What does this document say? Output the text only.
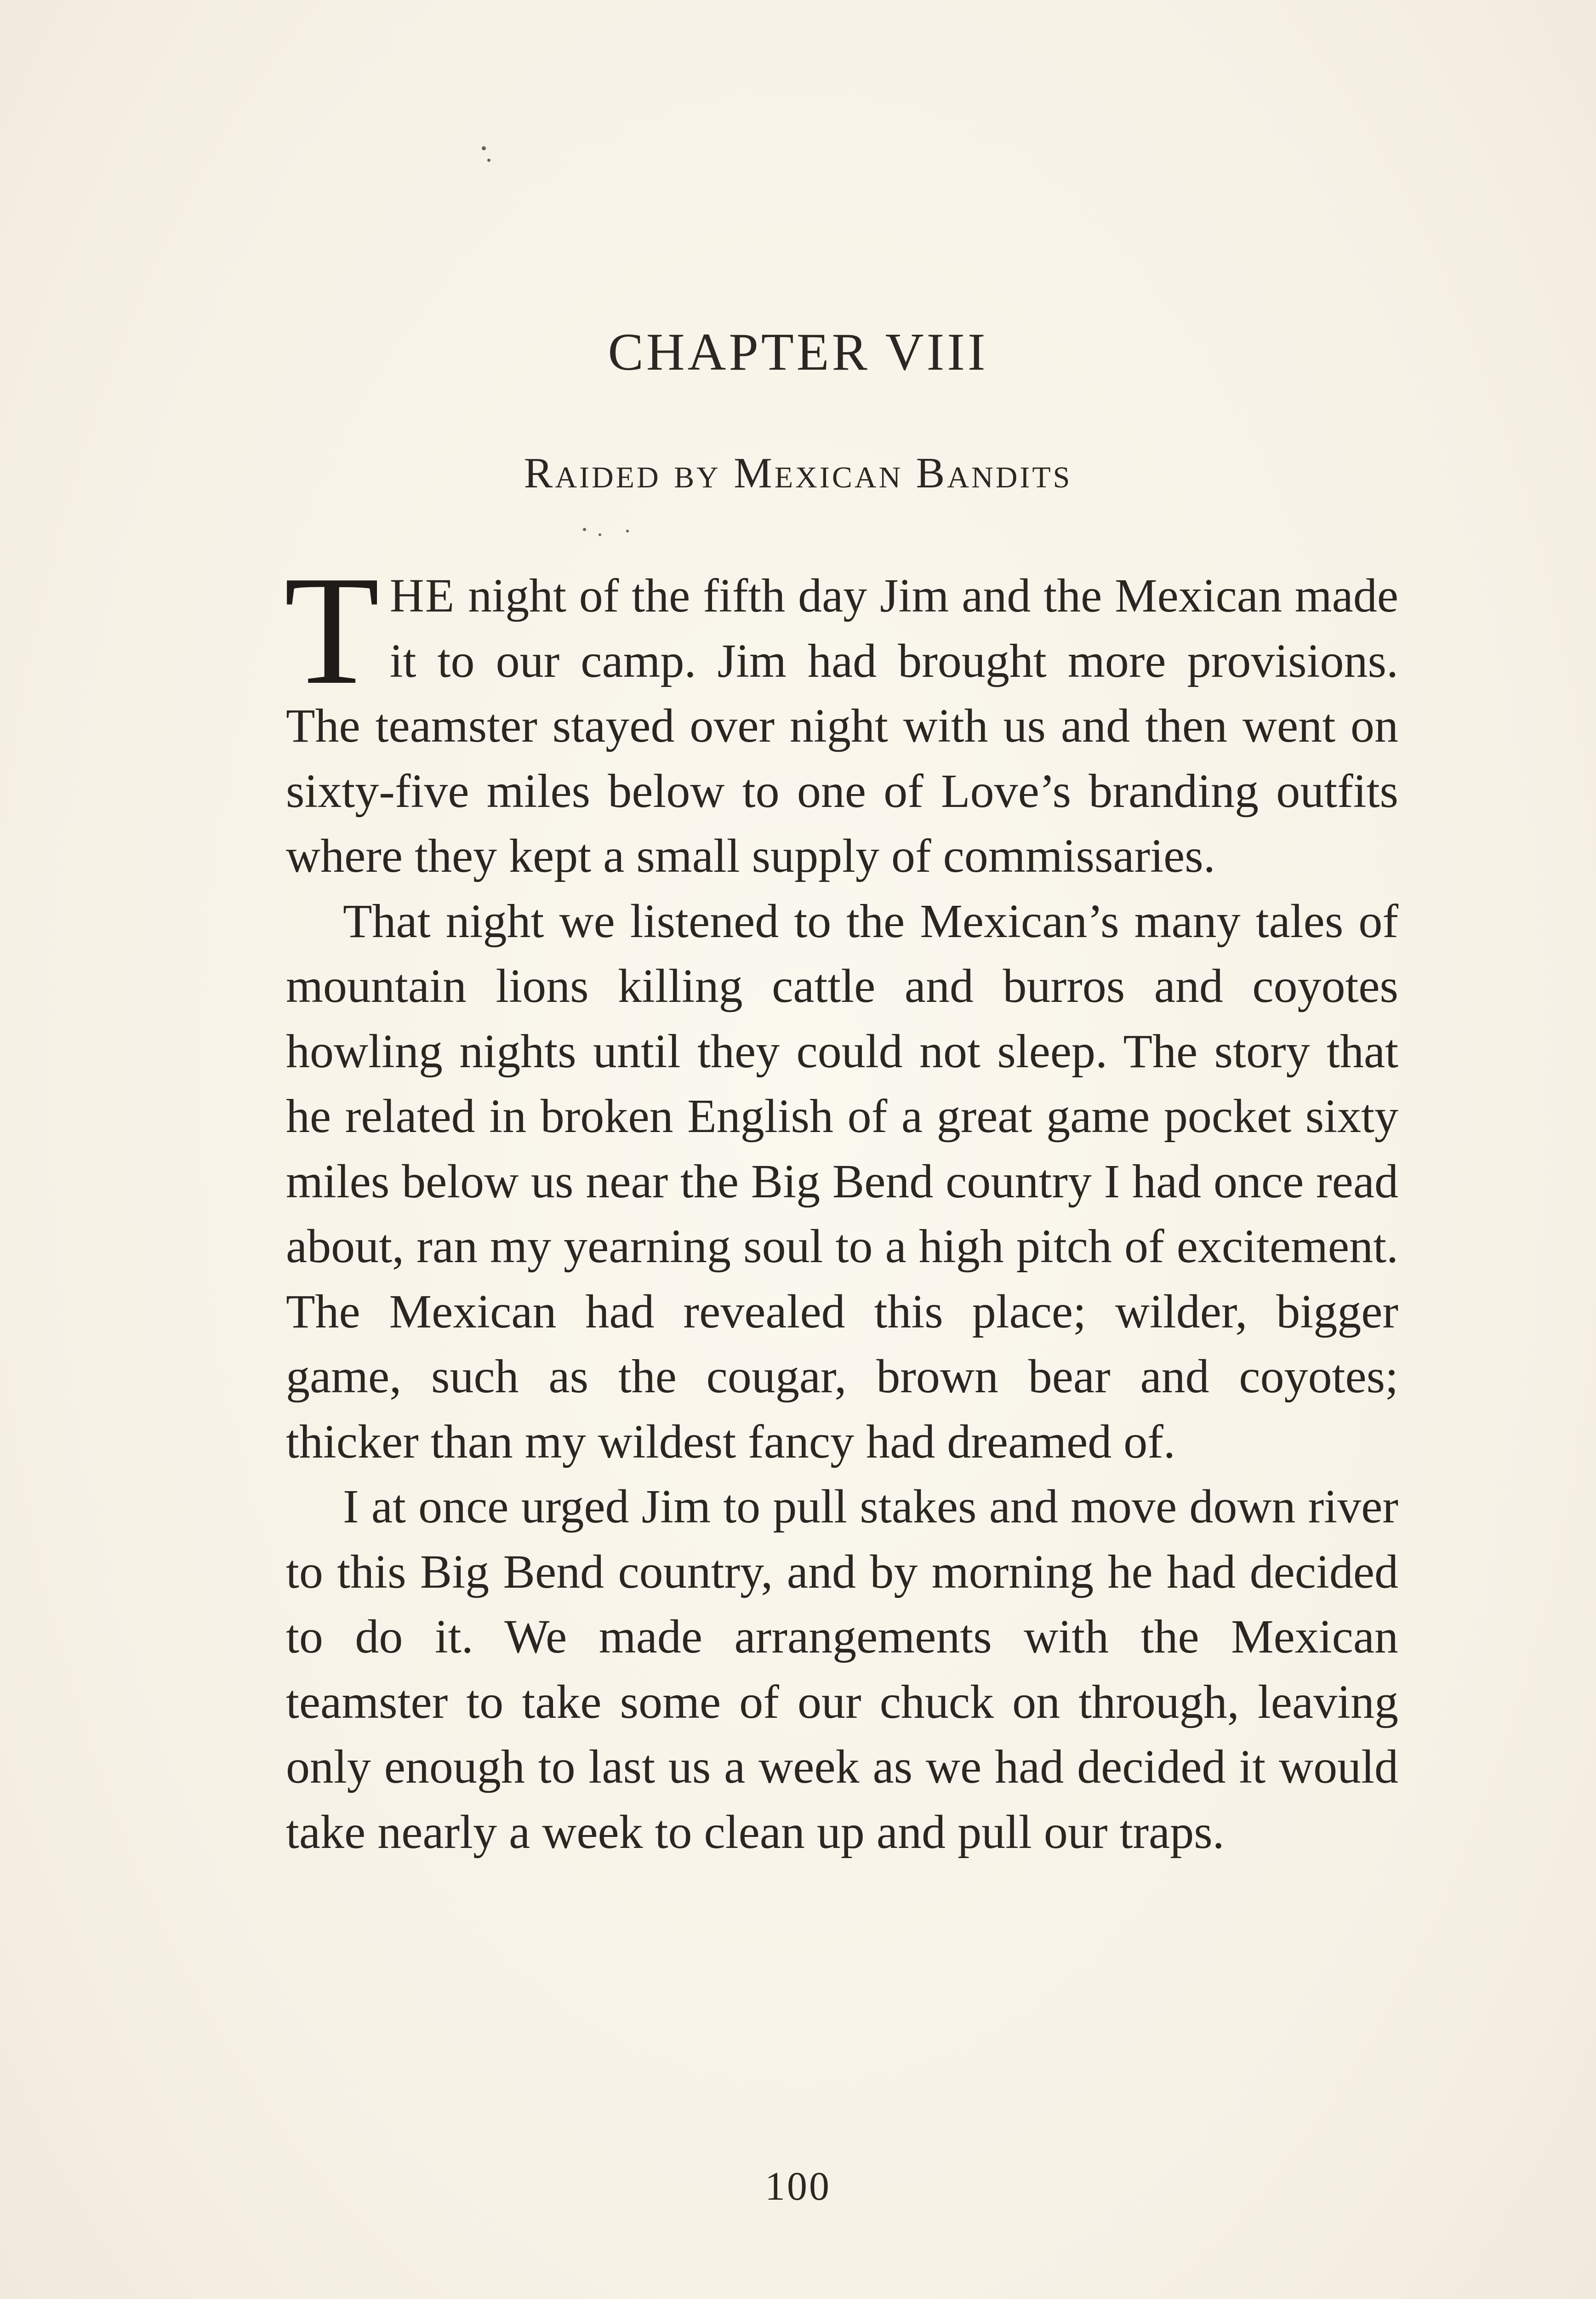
CHAPTER VIII
Raided by Mexican Bandits

THE night of the fifth day Jim and the Mexican made it to our camp. Jim had brought more provisions. The teamster stayed over night with us and then went on sixty-five miles below to one of Love’s branding outfits where they kept a small supply of commissaries.

That night we listened to the Mexican’s many tales of mountain lions killing cattle and burros and coyotes howling nights until they could not sleep. The story that he related in broken English of a great game pocket sixty miles below us near the Big Bend country I had once read about, ran my yearning soul to a high pitch of excitement. The Mexican had revealed this place; wilder, bigger game, such as the cougar, brown bear and coyotes; thicker than my wildest fancy had dreamed of.

I at once urged Jim to pull stakes and move down river to this Big Bend country, and by morning he had decided to do it. We made arrangements with the Mexican teamster to take some of our chuck on through, leaving only enough to last us a week as we had decided it would take nearly a week to clean up and pull our traps.

100
